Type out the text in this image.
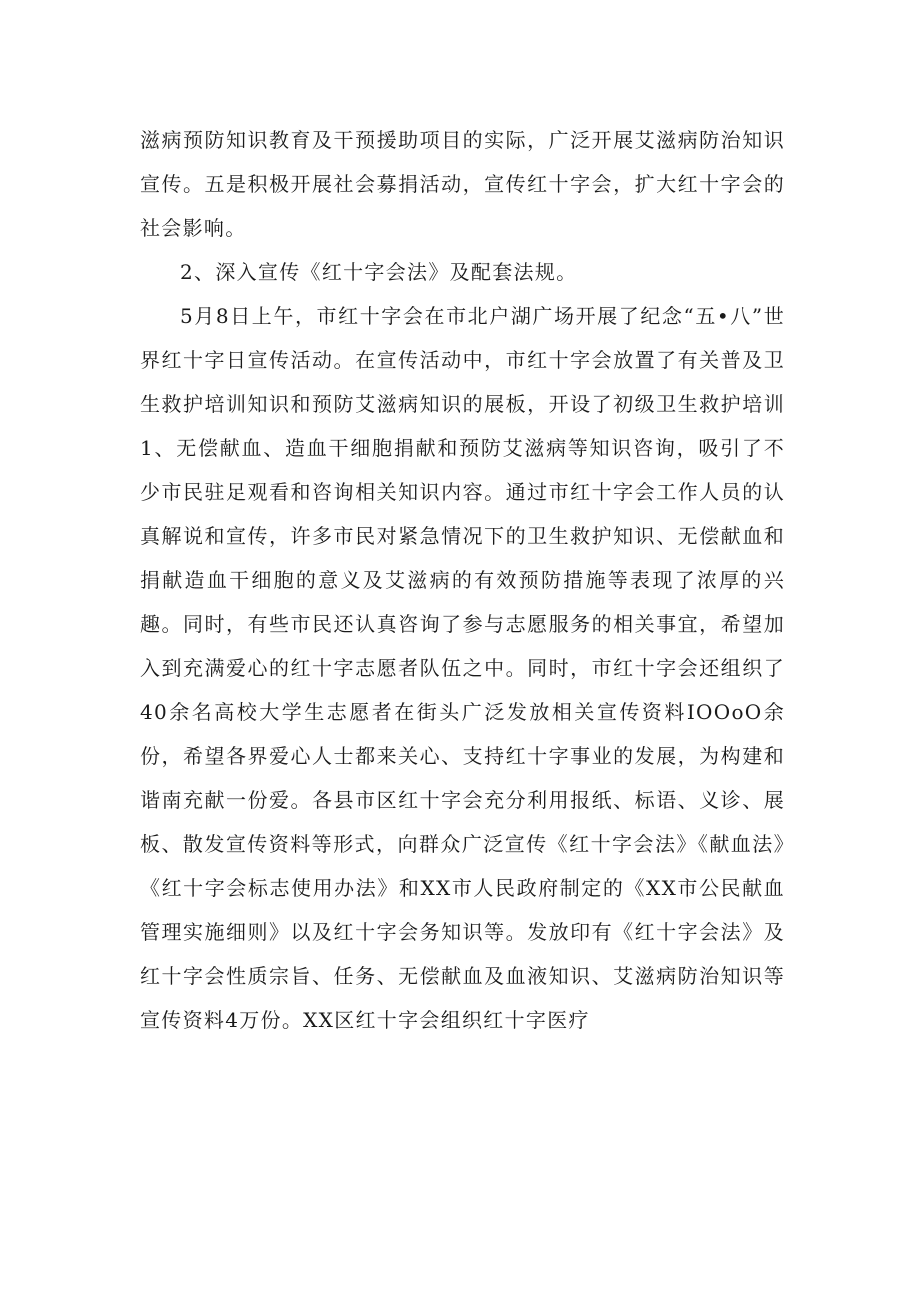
滋病预防知识教育及干预援助项目的实际，广泛开展艾滋病防治知识宣传。五是积极开展社会募捐活动，宣传红十字会，扩大红十字会的社会影响。

2、深入宣传《红十字会法》及配套法规。

5月8日上午，市红十字会在市北户湖广场开展了纪念“五•八”世界红十字日宣传活动。在宣传活动中，市红十字会放置了有关普及卫生救护培训知识和预防艾滋病知识的展板，开设了初级卫生救护培训1、无偿献血、造血干细胞捐献和预防艾滋病等知识咨询，吸引了不少市民驻足观看和咨询相关知识内容。通过市红十字会工作人员的认真解说和宣传，许多市民对紧急情况下的卫生救护知识、无偿献血和捐献造血干细胞的意义及艾滋病的有效预防措施等表现了浓厚的兴趣。同时，有些市民还认真咨询了参与志愿服务的相关事宜，希望加入到充满爱心的红十字志愿者队伍之中。同时，市红十字会还组织了40余名高校大学生志愿者在街头广泛发放相关宣传资料IOOoO余份，希望各界爱心人士都来关心、支持红十字事业的发展，为构建和谐南充献一份爱。各县市区红十字会充分利用报纸、标语、义诊、展板、散发宣传资料等形式，向群众广泛宣传《红十字会法》《献血法》《红十字会标志使用办法》和XX市人民政府制定的《XX市公民献血管理实施细则》以及红十字会务知识等。发放印有《红十字会法》及红十字会性质宗旨、任务、无偿献血及血液知识、艾滋病防治知识等宣传资料4万份。XX区红十字会组织红十字医疗
